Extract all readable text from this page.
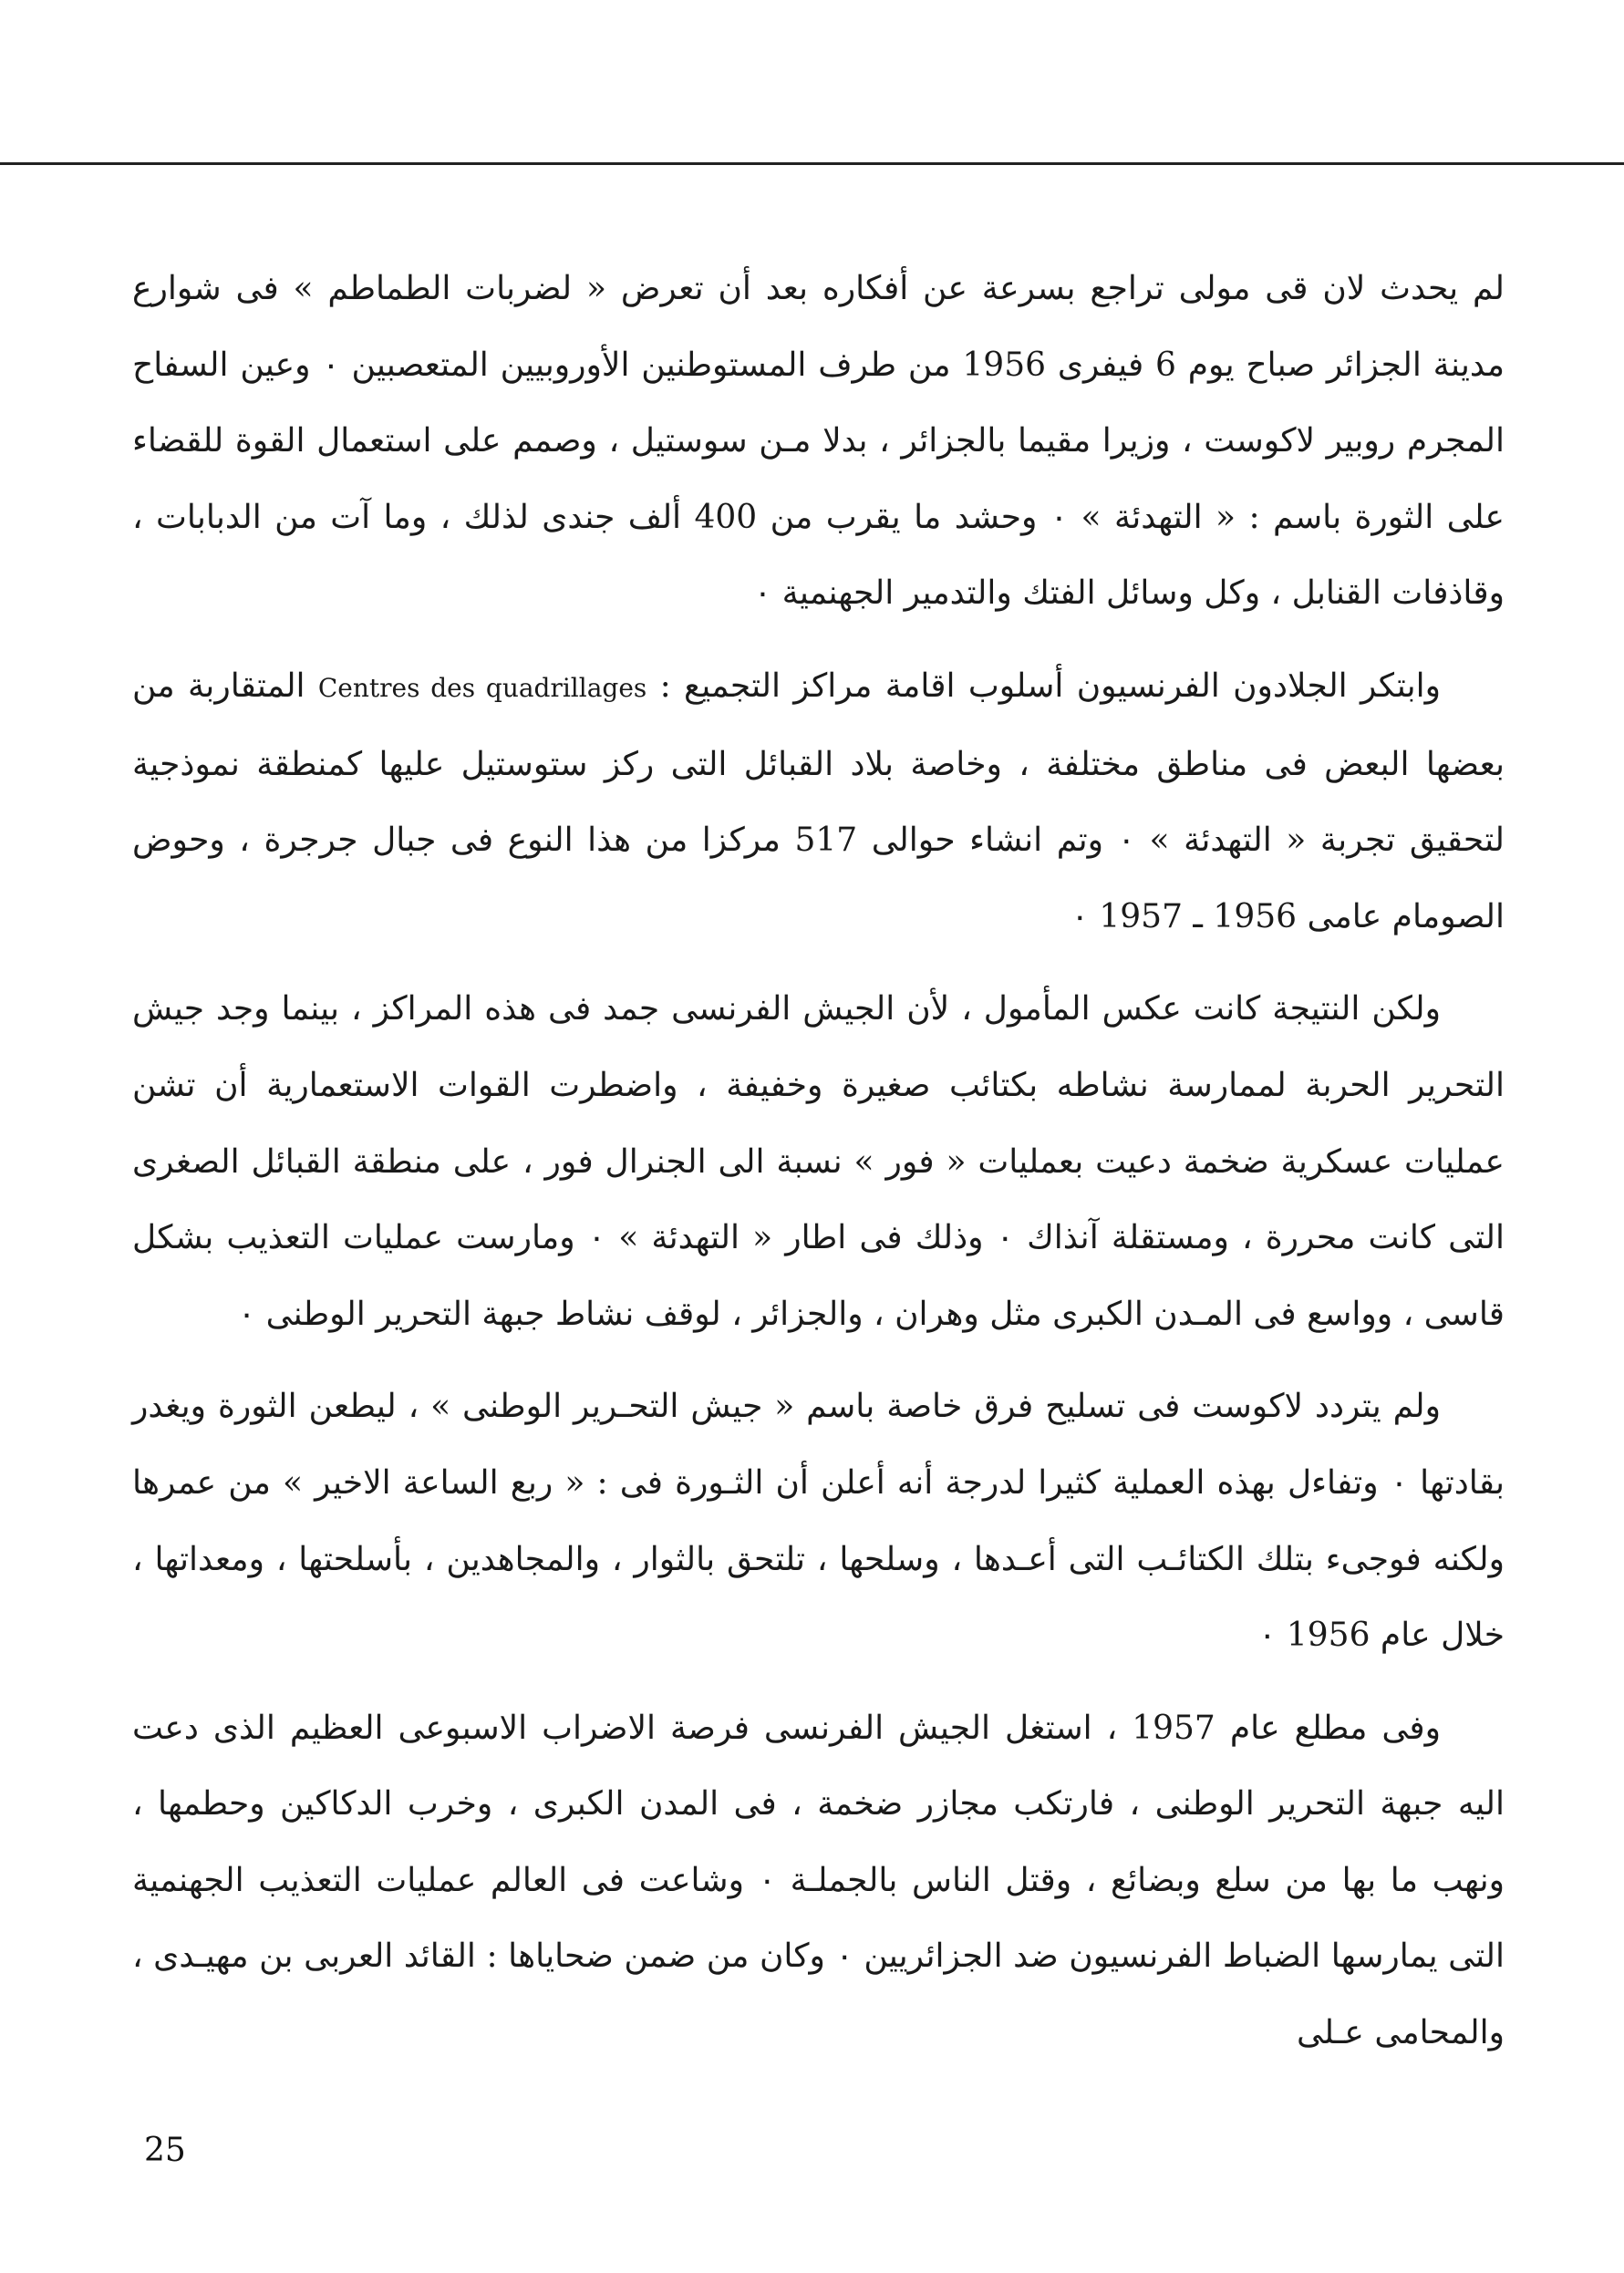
لم يحدث لان قى مولى تراجع بسرعة عن أفكاره بعد أن تعرض « لضربات الطماطم » فى شوارع مدينة الجزائر صباح يوم 6 فيفرى 1956 من طرف المستوطنين الأوروبيين المتعصبين ٠ وعين السفاح المجرم روبير لاكوست ، وزيرا مقيما بالجزائر ، بدلا مـن سوستيل ، وصمم على استعمال القوة للقضاء على الثورة باسم : « التهدئة » ٠ وحشد ما يقرب من 400 ألف جندى لذلك ، وما آت من الدبابات ، وقاذفات القنابل ، وكل وسائل الفتك والتدمير الجهنمية ٠

وابتكر الجلادون الفرنسيون أسلوب اقامة مراكز التجميع : Centres des quadrillages المتقاربة من بعضها البعض فى مناطق مختلفة ، وخاصة بلاد القبائل التى ركز ستوستيل عليها كمنطقة نموذجية لتحقيق تجربة « التهدئة » ٠ وتم انشاء حوالى 517 مركزا من هذا النوع فى جبال جرجرة ، وحوض الصومام عامى 1956 ـ 1957 ٠

ولكن النتيجة كانت عكس المأمول ، لأن الجيش الفرنسى جمد فى هذه المراكز ، بينما وجد جيش التحرير الحربة لممارسة نشاطه بكتائب صغيرة وخفيفة ، واضطرت القوات الاستعمارية أن تشن عمليات عسكرية ضخمة دعيت بعمليات « فور » نسبة الى الجنرال فور ، على منطقة القبائل الصغرى التى كانت محررة ، ومستقلة آنذاك ٠ وذلك فى اطار « التهدئة » ٠ ومارست عمليات التعذيب بشكل قاسى ، وواسع فى المـدن الكبرى مثل وهران ، والجزائر ، لوقف نشاط جبهة التحرير الوطنى ٠

ولم يتردد لاكوست فى تسليح فرق خاصة باسم « جيش التحـرير الوطنى » ، ليطعن الثورة ويغدر بقادتها ٠ وتفاءل بهذه العملية كثيرا لدرجة أنه أعلن أن الثـورة فى : « ربع الساعة الاخير » من عمرها ولكنه فوجىء بتلك الكتائـب التى أعـدها ، وسلحها ، تلتحق بالثوار ، والمجاهدين ، بأسلحتها ، ومعداتها ، خلال عام 1956 ٠

وفى مطلع عام 1957 ، استغل الجيش الفرنسى فرصة الاضراب الاسبوعى العظيم الذى دعت اليه جبهة التحرير الوطنى ، فارتكب مجازر ضخمة ، فى المدن الكبرى ، وخرب الدكاكين وحطمها ، ونهب ما بها من سلع وبضائع ، وقتل الناس بالجملـة ٠ وشاعت فى العالم عمليات التعذيب الجهنمية التى يمارسها الضباط الفرنسيون ضد الجزائريين ٠ وكان من ضمن ضحاياها : القائد العربى بن مهيـدى ، والمحامى عـلى

25
